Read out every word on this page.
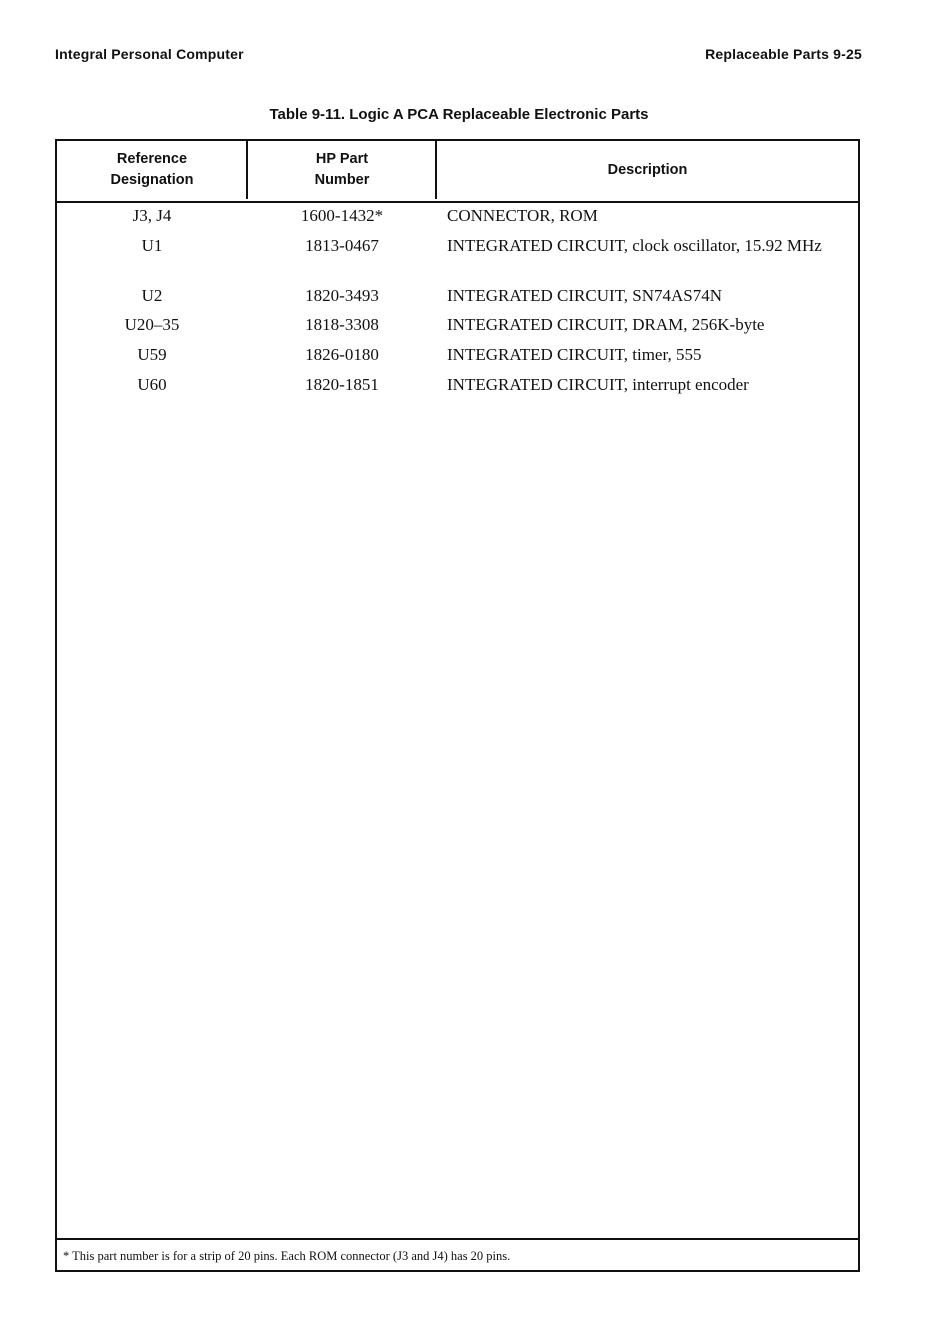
Integral Personal Computer	Replaceable Parts 9-25
Table 9-11. Logic A PCA Replaceable Electronic Parts
Reference
Designation
HP Part
Number
Description
J3, J4	1600-1432*	CONNECTOR, ROM
U1	1813-0467	INTEGRATED CIRCUIT, clock oscillator, 15.92 MHz
U2	1820-3493	INTEGRATED CIRCUIT, SN74AS74N
U20–35	1818-3308	INTEGRATED CIRCUIT, DRAM, 256K-byte
U59	1826-0180	INTEGRATED CIRCUIT, timer, 555
U60	1820-1851	INTEGRATED CIRCUIT, interrupt encoder
* This part number is for a strip of 20 pins. Each ROM connector (J3 and J4) has 20 pins.
